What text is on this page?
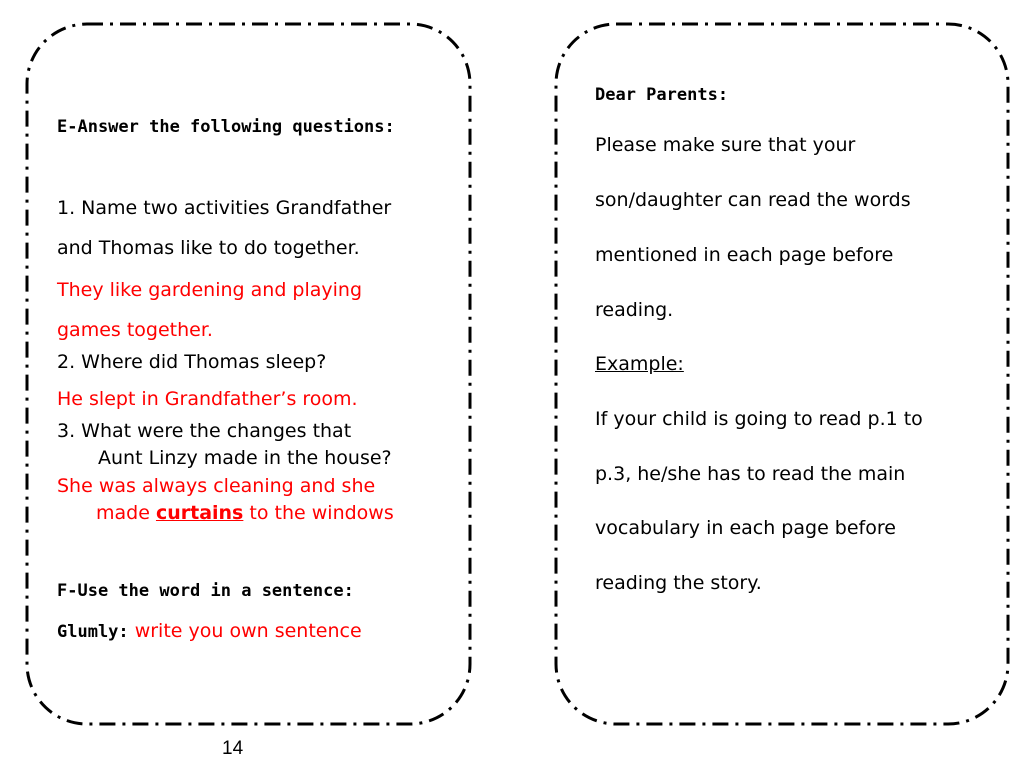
E-Answer the following questions:

1. Name two activities Grandfather

and Thomas like to do together.

They like gardening and playing

games together.

2. Where did Thomas sleep?

He slept in Grandfather’s room.

3. What were the changes that

Aunt Linzy made in the house?

She was always cleaning and she

made curtains to the windows

F-Use the word in a sentence:

Glumly: write you own sentence

Dear Parents:

Please make sure that your

son/daughter can read the words

mentioned in each page before

reading.

Example:

If your child is going to read p.1 to

p.3, he/she has to read the main

vocabulary in each page before

reading the story.

14
